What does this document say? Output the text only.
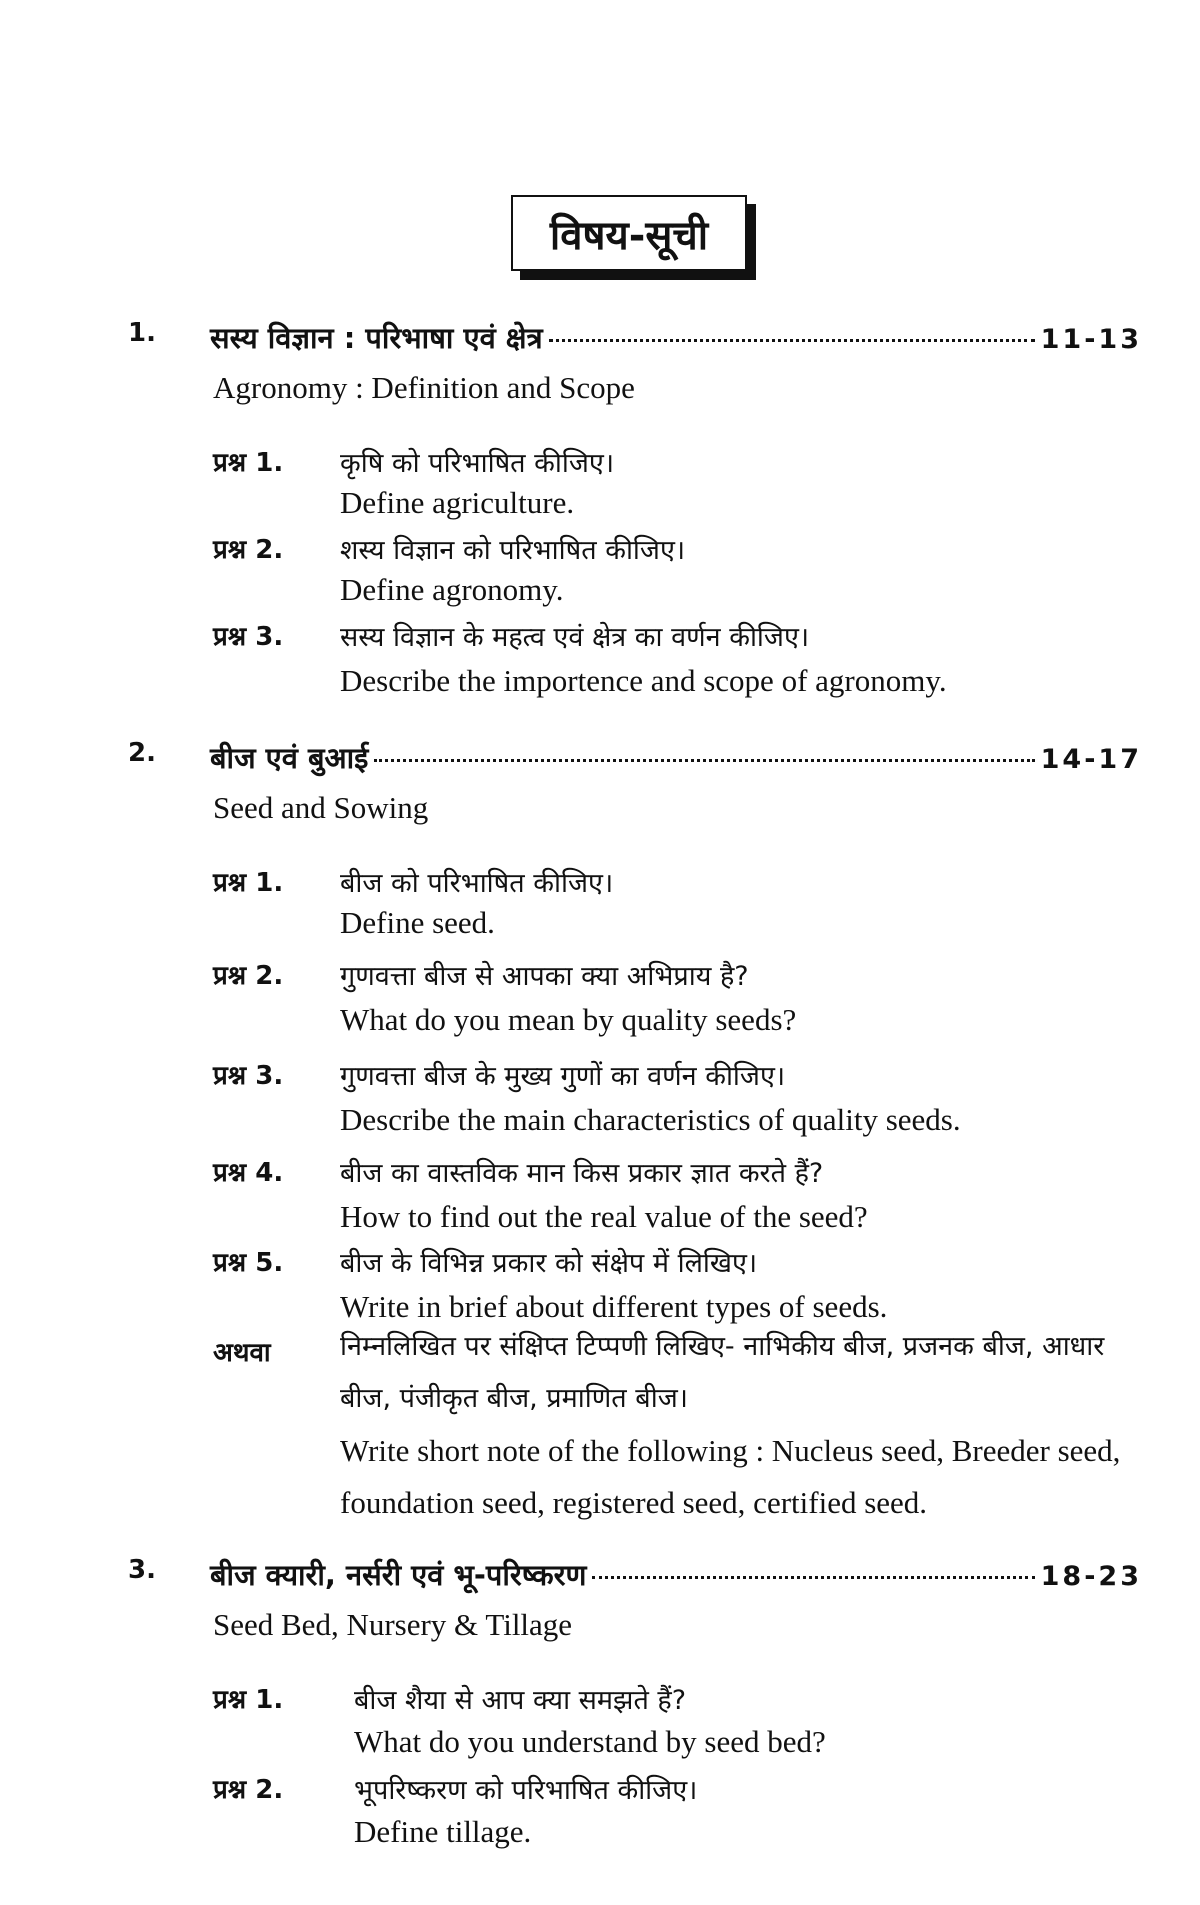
विषय-सूची
1. सस्य विज्ञान : परिभाषा एवं क्षेत्र	11-13
Agronomy : Definition and Scope
प्रश्न 1. कृषि को परिभाषित कीजिए।
Define agriculture.
प्रश्न 2. शस्य विज्ञान को परिभाषित कीजिए।
Define agronomy.
प्रश्न 3. सस्य विज्ञान के महत्व एवं क्षेत्र का वर्णन कीजिए।
Describe the importence and scope of agronomy.
2. बीज एवं बुआई	14-17
Seed and Sowing
प्रश्न 1. बीज को परिभाषित कीजिए।
Define seed.
प्रश्न 2. गुणवत्ता बीज से आपका क्या अभिप्राय है?
What do you mean by quality seeds?
प्रश्न 3. गुणवत्ता बीज के मुख्य गुणों का वर्णन कीजिए।
Describe the main characteristics of quality seeds.
प्रश्न 4. बीज का वास्तविक मान किस प्रकार ज्ञात करते हैं?
How to find out the real value of the seed?
प्रश्न 5. बीज के विभिन्न प्रकार को संक्षेप में लिखिए।
Write in brief about different types of seeds.
अथवा	निम्नलिखित पर संक्षिप्त टिप्पणी लिखिए- नाभिकीय बीज, प्रजनक बीज, आधार बीज, पंजीकृत बीज, प्रमाणित बीज।
Write short note of the following : Nucleus seed, Breeder seed, foundation seed, registered seed, certified seed.
3. बीज क्यारी, नर्सरी एवं भू-परिष्करण	18-23
Seed Bed, Nursery & Tillage
प्रश्न 1.	बीज शैया से आप क्या समझते हैं?
What do you understand by seed bed?
प्रश्न 2.	भूपरिष्करण को परिभाषित कीजिए।
Define tillage.
